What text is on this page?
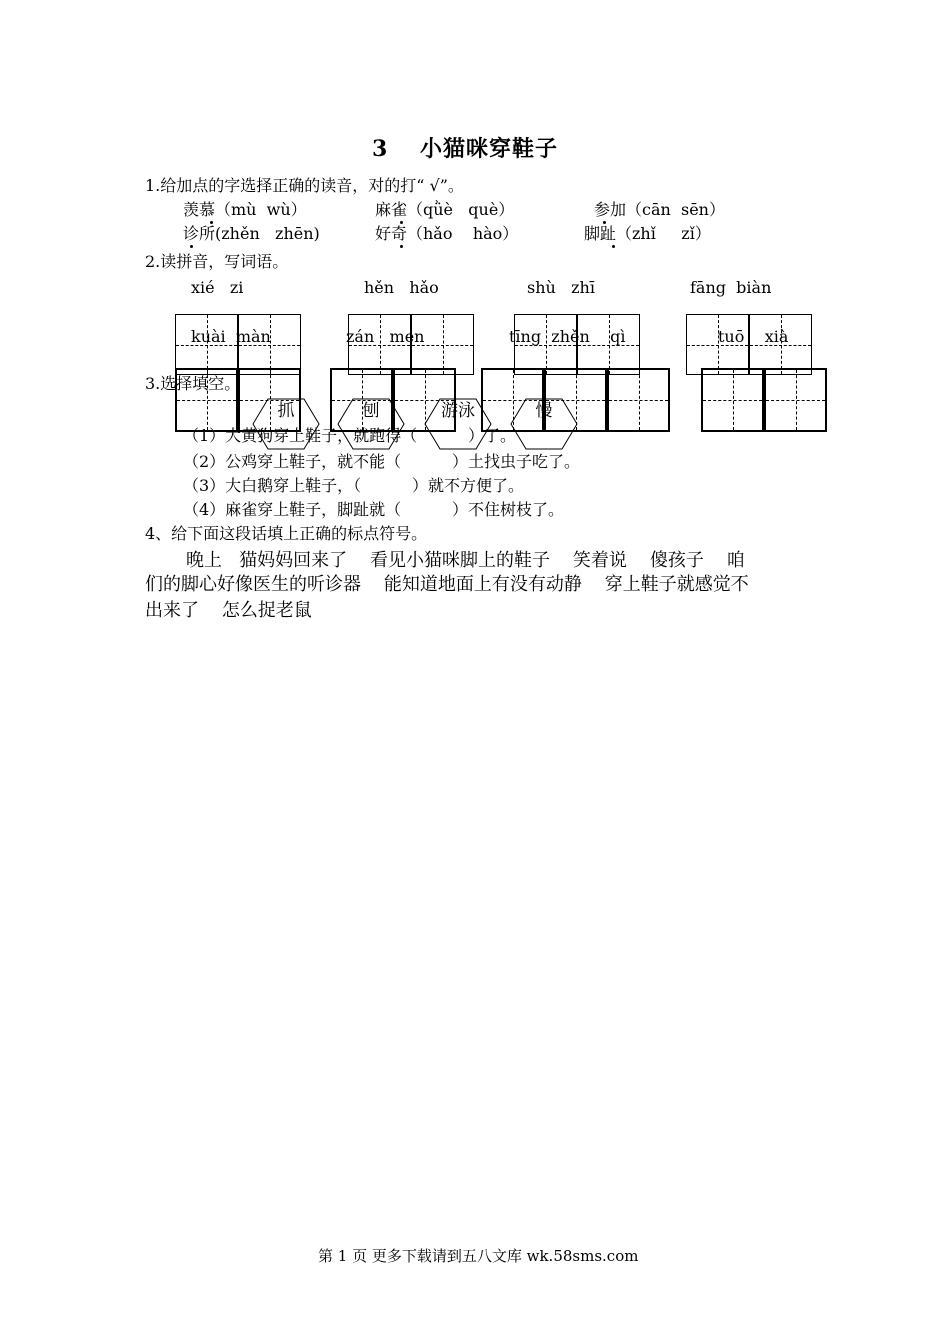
3　 小猫咪穿鞋子
1.给加点的字选择正确的读音，对的打“ √”。
羡慕（mù  wù）	麻雀（qǜè   què）	参加（cān  sēn）
诊所(zhěn   zhēn)	好奇（hǎo    hào）	脚趾（zhǐ     zǐ）
2.读拼音，写词语。
xié   zi	hěn   hǎo	shù   zhī	fāng  biàn
kuài  màn	zán   men	tīng  zhěn    qì	tuō    xià
3.选择填空。
抓	刨	游泳	慢
（1）大黄狗穿上鞋子，就跑得（          ）了。
（2）公鸡穿上鞋子，就不能（          ）土找虫子吃了。
（3）大白鹅穿上鞋子，（          ）就不方便了。
（4）麻雀穿上鞋子，脚趾就（          ）不住树枝了。
4、给下面这段话填上正确的标点符号。
晚上   猫妈妈回来了    看见小猫咪脚上的鞋子    笑着说    傻孩子    咱
们的脚心好像医生的听诊器    能知道地面上有没有动静    穿上鞋子就感觉不
出来了    怎么捉老鼠
第 1 页 更多下载请到五八文库 wk.58sms.com
